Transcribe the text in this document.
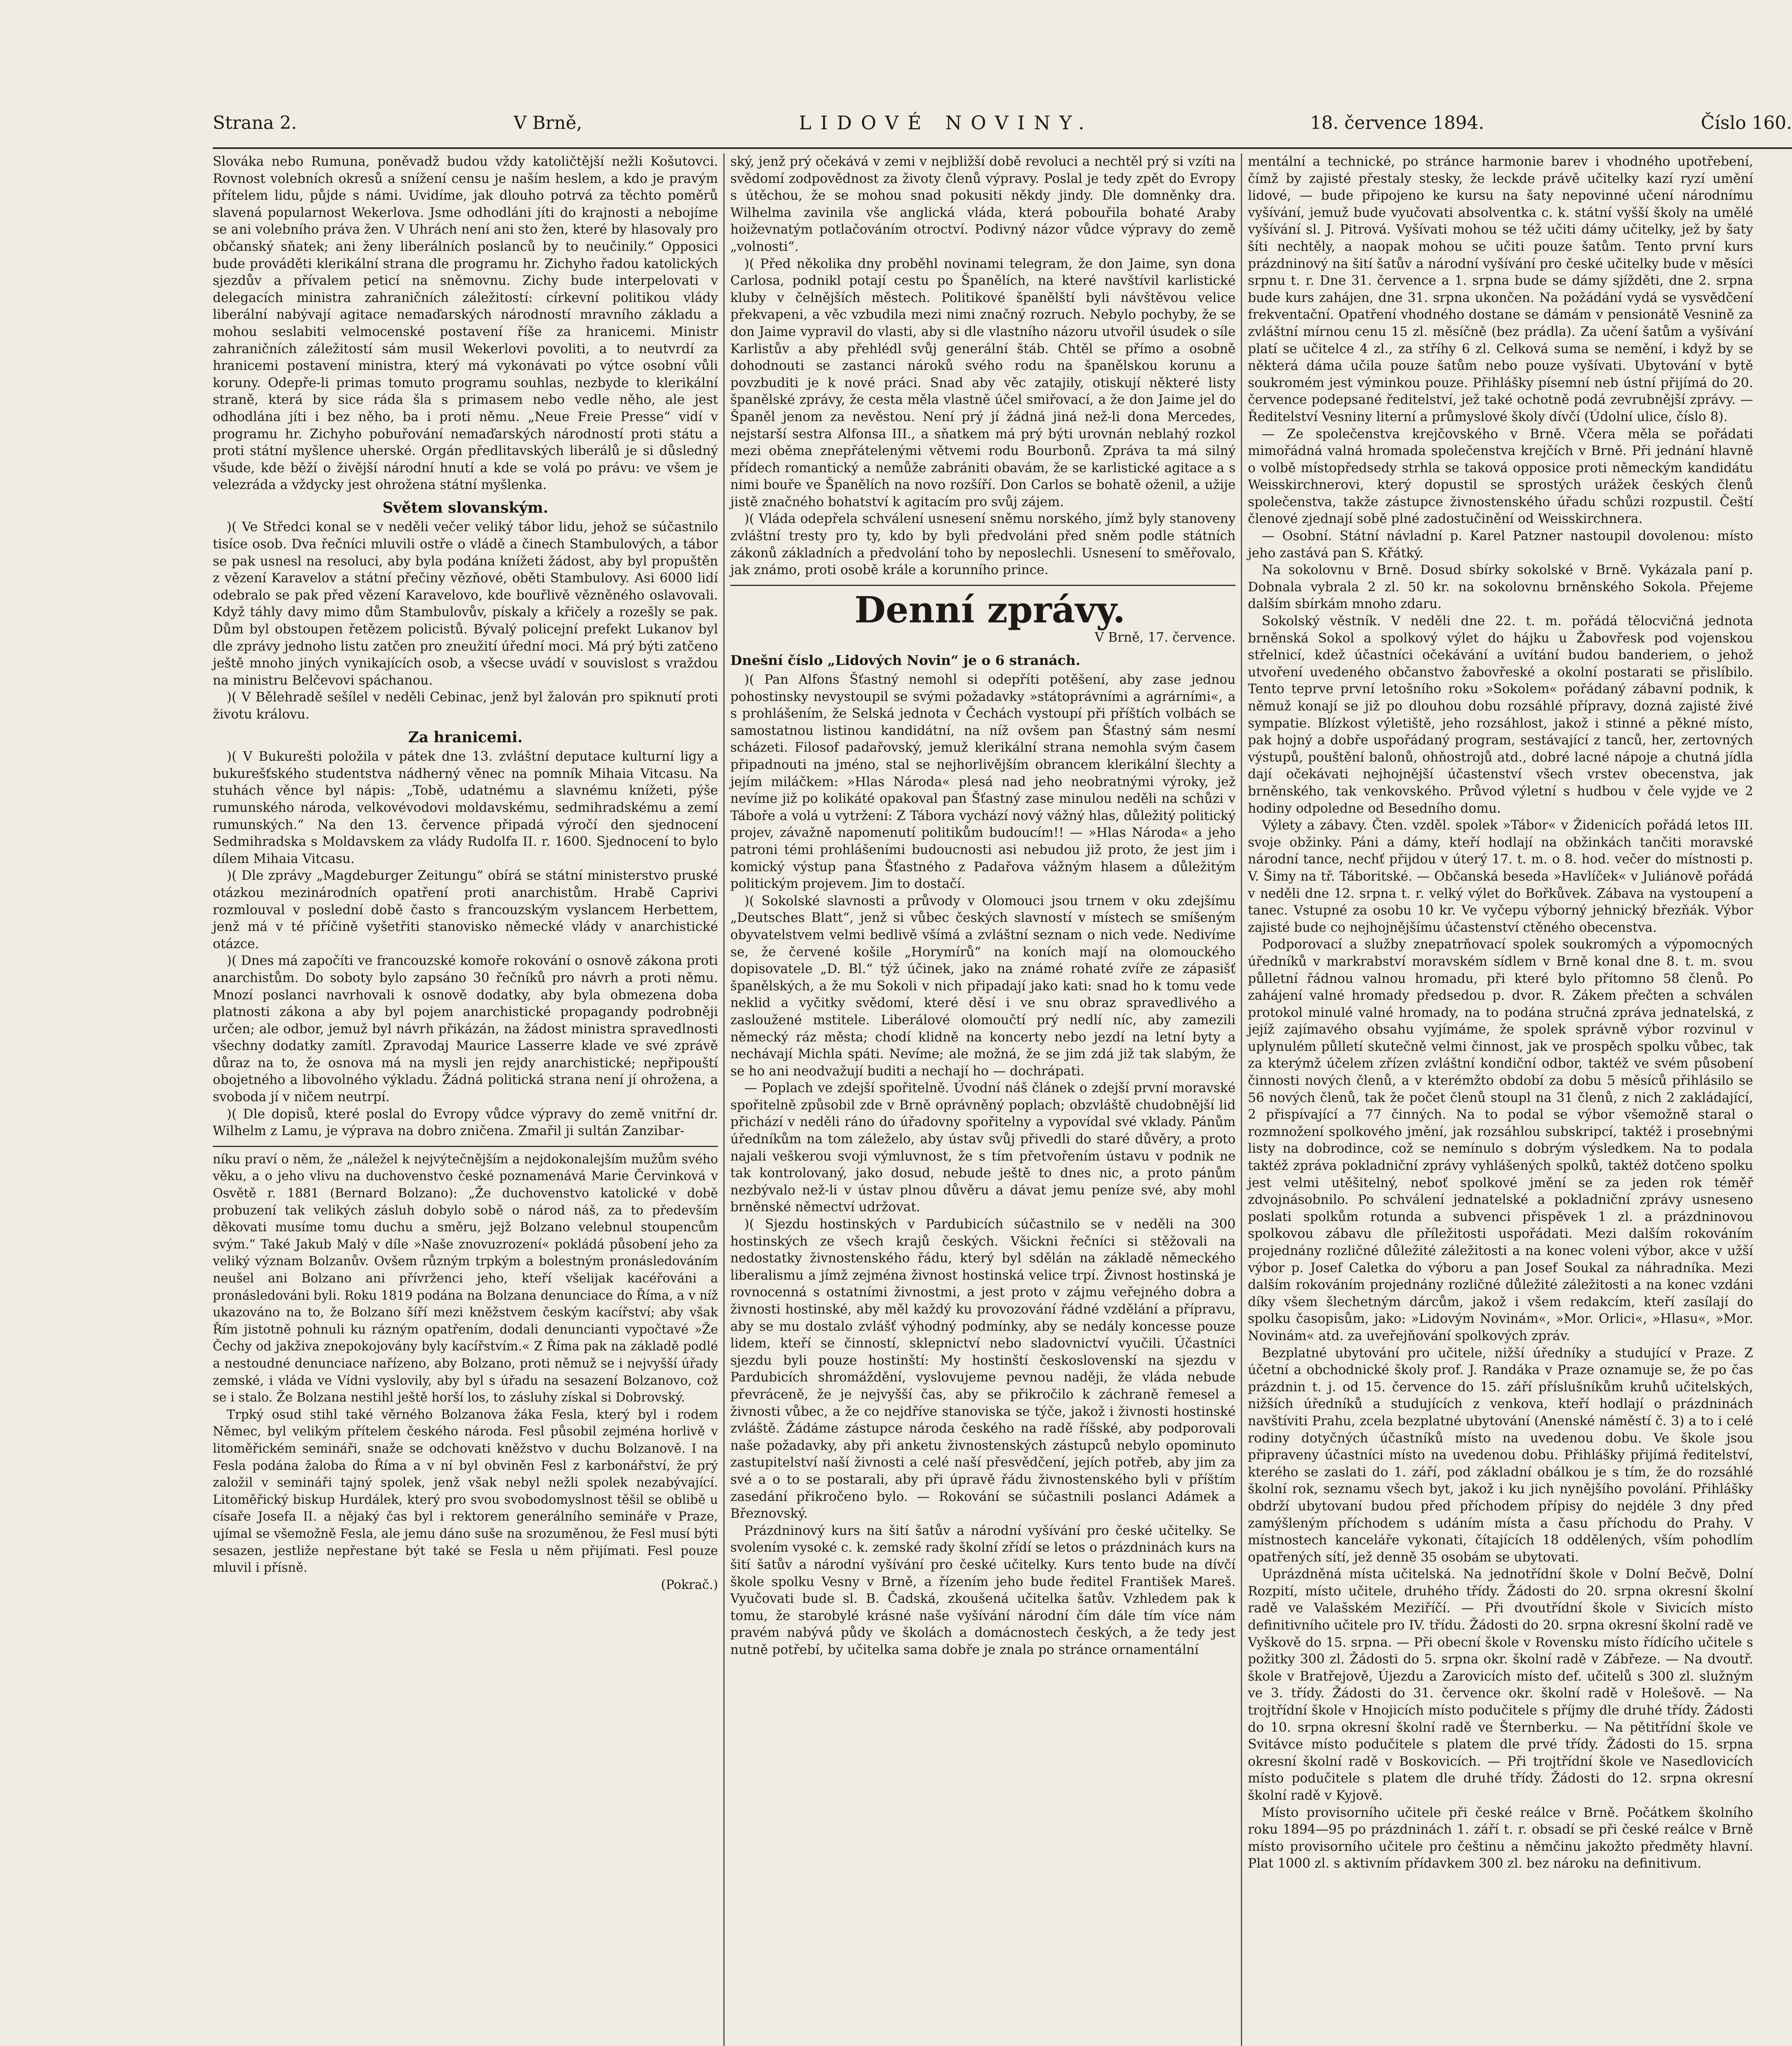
Strana 2.	V Brně,	LIDOVÉ NOVINY.	18. července 1894.	Číslo 160.

Slováka nebo Rumuna, poněvadž budou vždy katoličtější nežli Košutovci. Rovnost volebních okresů a snížení censu je naším heslem, a kdo je pravým přítelem lidu, půjde s námi. Uvidíme, jak dlouho potrvá za těchto poměrů slavená popularnost Wekerlova. Jsme odhodláni jíti do krajnosti a nebojíme se ani volebního práva žen. V Uhrách není ani sto žen, které by hlasovaly pro občanský sňatek; ani ženy liberálních poslanců by to neučinily.“ Opposici bude prováděti klerikální strana dle programu hr. Zichyho řadou katolických sjezdův a přívalem peticí na sněmovnu. Zichy bude interpelovati v delegacích ministra zahraničních záležitostí: církevní politikou vlády liberální nabývají agitace nemaďarských národností mravního základu a mohou seslabiti velmocenské postavení říše za hranicemi. Ministr zahraničních záležitostí sám musil Wekerlovi povoliti, a to neutvrdí za hranicemi postavení ministra, který má vykonávati po výtce osobní vůli koruny. Odepře-li primas tomuto programu souhlas, nezbyde to klerikální straně, která by sice ráda šla s primasem nebo vedle něho, ale jest odhodlána jíti i bez něho, ba i proti němu. „Neue Freie Presse“ vidí v programu hr. Zichyho pobuřování nemaďarských národností proti státu a proti státní myšlence uherské. Orgán předlitavských liberálů je si důsledný všude, kde běží o živější národní hnutí a kde se volá po právu: ve všem je velezráda a vždycky jest ohrožena státní myšlenka.

Světem slovanským.

)( Ve Středci konal se v neděli večer veliký tábor lidu, jehož se súčastnilo tisíce osob. Dva řečníci mluvili ostře o vládě a činech Stambulových, a tábor se pak usnesl na resoluci, aby byla podána knížeti žádost, aby byl propuštěn z vězení Karavelov a státní přečiny vězňové, oběti Stambulovy. Asi 6000 lidí odebralo se pak před vězení Karavelovo, kde bouřlivě vězněného oslavovali. Když táhly davy mimo dům Stambulovův, pískaly a křičely a rozešly se pak. Dům byl obstoupen řetězem policistů. Bývalý policejní prefekt Lukanov byl dle zprávy jednoho listu zatčen pro zneužití úřední moci. Má prý býti zatčeno ještě mnoho jiných vynikajících osob, a všecse uvádí v souvislost s vraždou na ministru Belčevovi spáchanou.

)( V Bělehradě sešílel v neděli Cebinac, jenž byl žalován pro spiknutí proti životu královu.

Za hranicemi.

)( V Bukurešti položila v pátek dne 13. zvláštní deputace kulturní ligy a bukurešťského studentstva nádherný věnec na pomník Mihaia Vitcasu. Na stuhách věnce byl nápis: „Tobě, udatnému a slavnému knížeti, pýše rumunského národa, velkovévodovi moldavskému, sedmihradskému a zemí rumunských.“ Na den 13. července připadá výročí den sjednocení Sedmihradska s Moldavskem za vlády Rudolfa II. r. 1600. Sjednocení to bylo dílem Mihaia Vitcasu.

)( Dle zprávy „Magdeburger Zeitungu“ obírá se státní ministerstvo pruské otázkou mezinárodních opatření proti anarchistům. Hrabě Caprivi rozmlouval v poslední době často s francouzským vyslancem Herbettem, jenž má v té příčině vyšetřiti stanovisko německé vlády v anarchistické otázce.

)( Dnes má započíti ve francouzské komoře rokování o osnově zákona proti anarchistům. Do soboty bylo zapsáno 30 řečníků pro návrh a proti němu. Mnozí poslanci navrhovali k osnově dodatky, aby byla obmezena doba platnosti zákona a aby byl pojem anarchistické propagandy podrobněji určen; ale odbor, jemuž byl návrh přikázán, na žádost ministra spravedlnosti všechny dodatky zamítl. Zpravodaj Maurice Lasserre klade ve své zprávě důraz na to, že osnova má na mysli jen rejdy anarchistické; nepřipouští obojetného a libovolného výkladu. Žádná politická strana není jí ohrožena, a svoboda jí v ničem neutrpí.

)( Dle dopisů, které poslal do Evropy vůdce výpravy do země vnitřní dr. Wilhelm z Lamu, je výprava na dobro zničena. Zmařil ji sultán Zanzibar-

níku praví o něm, že „náležel k nejvýtečnějším a nejdokonalejším mužům svého věku, a o jeho vlivu na duchovenstvo české poznamenává Marie Červinková v Osvětě r. 1881 (Bernard Bolzano): „Že duchovenstvo katolické v době probuzení tak velikých zásluh dobylo sobě o národ náš, za to především děkovati musíme tomu duchu a směru, jejž Bolzano velebnul stoupencům svým.“ Také Jakub Malý v díle »Naše znovuzrození« pokládá působení jeho za veliký význam Bolzanův. Ovšem různým trpkým a bolestným pronásledováním neušel ani Bolzano ani přívrženci jeho, kteří všelijak kacéřováni a pronásledováni byli. Roku 1819 podána na Bolzana denunciace do Říma, a v níž ukazováno na to, že Bolzano šíří mezi kněžstvem českým kacířství; aby však Řím jistotně pohnuli ku rázným opatřením, dodali denuncianti vypočtavé »Že Čechy od jakživa znepokojovány byly kacířstvím.« Z Říma pak na základě podlé a nestoudné denunciace nařízeno, aby Bolzano, proti němuž se i nejvyšší úřady zemské, i vláda ve Vídni vyslovily, aby byl s úřadu na sesazení Bolzanovo, což se i stalo. Že Bolzana nestihl ještě horší los, to zásluhy získal si Dobrovský.

Trpký osud stihl také věrného Bolzanova žáka Fesla, který byl i rodem Němec, byl velikým přítelem českého národa. Fesl působil zejména horlivě v litoměřickém semináři, snaže se odchovati kněžstvo v duchu Bolzanově. I na Fesla podána žaloba do Říma a v ní byl obviněn Fesl z karbonářství, že prý založil v semináři tajný spolek, jenž však nebyl nežli spolek nezabývající. Litoměřický biskup Hurdálek, který pro svou svobodomyslnost těšil se oblibě u císaře Josefa II. a nějaký čas byl i rektorem generálního semináře v Praze, ujímal se všemožně Fesla, ale jemu dáno suše na srozuměnou, že Fesl musí býti sesazen, jestliže nepřestane být také se Fesla u něm přijímati. Fesl pouze mluvil i přísně.

(Pokrač.)

ský, jenž prý očekává v zemi v nejbližší době revoluci a nechtěl prý si vzíti na svědomí zodpovědnost za životy členů výpravy. Poslal je tedy zpět do Evropy s útěchou, že se mohou snad pokusiti někdy jindy. Dle domněnky dra. Wilhelma zavinila vše anglická vláda, která pobouřila bohaté Araby hoiževnatým potlačováním otroctví. Podivný názor vůdce výpravy do země „volnosti“.

)( Před několika dny proběhl novinami telegram, že don Jaime, syn dona Carlosa, podnikl potají cestu po Španělích, na které navštívil karlistické kluby v čelnějších městech. Politikové španělští byli návštěvou velice překvapeni, a věc vzbudila mezi nimi značný rozruch. Nebylo pochyby, že se don Jaime vypravil do vlasti, aby si dle vlastního názoru utvořil úsudek o síle Karlistův a aby přehlédl svůj generální štáb. Chtěl se přímo a osobně dohodnouti se zastanci nároků svého rodu na španělskou korunu a povzbuditi je k nové práci. Snad aby věc zatajily, otiskují některé listy španělské zprávy, že cesta měla vlastně účel smiřovací, a že don Jaime jel do Španěl jenom za nevěstou. Není prý jí žádná jiná než-li dona Mercedes, nejstarší sestra Alfonsa III., a sňatkem má prý býti urovnán neblahý rozkol mezi oběma znepřátelenými větvemi rodu Bourbonů. Zpráva ta má silný přídech romantický a nemůže zabrániti obavám, že se karlistické agitace a s nimi bouře ve Španělích na novo rozšíří. Don Carlos se bohatě oženil, a užije jistě značného bohatství k agitacím pro svůj zájem.

)( Vláda odepřela schválení usnesení sněmu norského, jímž byly stanoveny zvláštní tresty pro ty, kdo by byli předvoláni před sněm podle státních zákonů základních a předvolání toho by neposlechli. Usnesení to směřovalo, jak známo, proti osobě krále a korunního prince.

Denní zprávy.

V Brně, 17. července.

Dnešní číslo „Lidových Novin“ je o 6 stranách.

)( Pan Alfons Šťastný nemohl si odepříti potěšení, aby zase jednou pohostinsky nevystoupil se svými požadavky »státoprávními a agrárními«, a s prohlášením, že Selská jednota v Čechách vystoupí při příštích volbách se samostatnou listinou kandidátní, na níž ovšem pan Šťastný sám nesmí scházeti. Filosof padařovský, jemuž klerikální strana nemohla svým časem připadnouti na jméno, stal se nejhorlivějším obrancem klerikální šlechty a jejím miláčkem: »Hlas Národa« plesá nad jeho neobratnými výroky, jež nevíme již po kolikáté opakoval pan Šťastný zase minulou neděli na schůzi v Táboře a volá u vytržení: Z Tábora vychází nový vážný hlas, důležitý politický projev, závažně napomenutí politikům budoucím!! — »Hlas Národa« a jeho patroni témi prohlášeními budoucnosti asi nebudou již proto, že jest jim i komický výstup pana Šťastného z Padařova vážným hlasem a důležitým politickým projevem. Jim to dostačí.

)( Sokolské slavnosti a průvody v Olomouci jsou trnem v oku zdejšímu „Deutsches Blatt“, jenž si vůbec českých slavností v místech se smíšeným obyvatelstvem velmi bedlivě všímá a zvláštní seznam o nich vede. Nedivíme se, že červené košile „Horymírů“ na koních mají na olomouckého dopisovatele „D. Bl.“ týž účinek, jako na známé rohaté zvíře ze zápasišť španělských, a že mu Sokoli v nich připadají jako kati: snad ho k tomu vede neklid a vyčitky svědomí, které děsí i ve snu obraz spravedlivého a zasloužené mstitele. Liberálové olomoučtí prý nedlí níc, aby zamezili německý ráz města; chodí klidně na koncerty nebo jezdí na letní byty a nechávají Michla spáti. Nevíme; ale možná, že se jim zdá již tak slabým, že se ho ani neodvažují buditi a nechají ho — dochrápati.

— Poplach ve zdejší spořitelně. Úvodní náš článek o zdejší první moravské spořitelně způsobil zde v Brně oprávněný poplach; obzvláště chudobnější lid přichází v neděli ráno do úřadovny spořitelny a vypovídal své vklady. Pánům úředníkům na tom záleželo, aby ústav svůj přivedli do staré důvěry, a proto najali veškerou svoji výmluvnost, že s tím přetvořením ústavu v podnik ne tak kontrolovaný, jako dosud, nebude ještě to dnes nic, a proto pánům nezbývalo než-li v ústav plnou důvěru a dávat jemu peníze své, aby mohl brněnské němectví udržovat.

)( Sjezdu hostinských v Pardubicích súčastnilo se v neděli na 300 hostinských ze všech krajů českých. Všickni řečníci si stěžovali na nedostatky živnostenského řádu, který byl sdělán na základě německého liberalismu a jímž zejména živnost hostinská velice trpí. Živnost hostinská je rovnocenná s ostatními živnostmi, a jest proto v zájmu veřejného dobra a živnosti hostinské, aby měl každý ku provozování řádné vzdělání a přípravu, aby se mu dostalo zvlášť výhodný podmínky, aby se nedály koncesse pouze lidem, kteří se činností, sklepnictví nebo sladovnictví vyučili. Účastníci sjezdu byli pouze hostinští: My hostinští československí na sjezdu v Pardubicích shromáždění, vyslovujeme pevnou naději, že vláda nebude převráceně, že je nejvyšší čas, aby se přikročilo k záchraně řemesel a živnosti vůbec, a že co nejdříve stanoviska se týče, jakož i živnosti hostinské zvláště. Žádáme zástupce národa českého na radě říšské, aby podporovali naše požadavky, aby při anketu živnostenských zástupců nebylo opominuto zastupitelství naší živnosti a celé naší přesvědčení, jejích potřeb, aby jim za své a o to se postarali, aby při úpravě řádu živnostenského byli v příštím zasedání přikročeno bylo. — Rokování se súčastnili poslanci Adámek a Březnovský.

Prázdninový kurs na šití šatův a národní vyšívání pro české učitelky. Se svolením vysoké c. k. zemské rady školní zřídí se letos o prázdninách kurs na šití šatův a národní vyšívání pro české učitelky. Kurs tento bude na dívčí škole spolku Vesny v Brně, a řízením jeho bude ředitel František Mareš. Vyučovati bude sl. B. Čadská, zkoušená učitelka šatův. Vzhledem pak k tomu, že starobylé krásné naše vyšívání národní čím dále tím více nám pravém nabývá půdy ve školách a domácnostech českých, a že tedy jest nutně potřebí, by učitelka sama dobře je znala po stránce ornamentální

mentální a technické, po stránce harmonie barev i vhodného upotřebení, čímž by zajisté přestaly stesky, že leckde právě učitelky kazí ryzí umění lidové, — bude připojeno ke kursu na šaty nepovinné učení národnímu vyšívání, jemuž bude vyučovati absolventka c. k. státní vyšší školy na umělé vyšívání sl. J. Pitrová. Vyšívati mohou se též učiti dámy učitelky, jež by šaty šíti nechtěly, a naopak mohou se učiti pouze šatům. Tento první kurs prázdninový na šití šatův a národní vyšívání pro české učitelky bude v měsíci srpnu t. r. Dne 31. července a 1. srpna bude se dámy sjížděti, dne 2. srpna bude kurs zahájen, dne 31. srpna ukončen. Na požádání vydá se vysvědčení frekventační. Opatření vhodného dostane se dámám v pensionátě Vesnině za zvláštní mírnou cenu 15 zl. měsíčně (bez prádla). Za učení šatům a vyšívání platí se učitelce 4 zl., za stříhy 6 zl. Celková suma se nemění, i když by se některá dáma učila pouze šatům nebo pouze vyšívati. Ubytování v bytě soukromém jest výminkou pouze. Přihlášky písemní neb ústní přijímá do 20. července podepsané ředitelství, jež také ochotně podá zevrubnější zprávy. — Ředitelství Vesniny literní a průmyslové školy dívčí (Údolní ulice, číslo 8).

— Ze společenstva krejčovského v Brně. Včera měla se pořádati mimořádná valná hromada společenstva krejčích v Brně. Při jednání hlavně o volbě místopředsedy strhla se taková opposice proti německým kandidátu Weisskirchnerovi, který dopustil se sprostých urážek českých členů společenstva, takže zástupce živnostenského úřadu schůzi rozpustil. Čeští členové zjednají sobě plné zadostučinění od Weisskirchnera.

— Osobní. Státní návladní p. Karel Patzner nastoupil dovolenou: místo jeho zastává pan S. Křátký.

Na sokolovnu v Brně. Dosud sbírky sokolské v Brně. Vykázala paní p. Dobnala vybrala 2 zl. 50 kr. na sokolovnu brněnského Sokola. Přejeme dalším sbírkám mnoho zdaru.

Sokolský věstník. V neděli dne 22. t. m. pořádá tělocvičná jednota brněnská Sokol a spolkový výlet do hájku u Žabovřesk pod vojenskou střelnicí, kdež účastníci očekávání a uvítání budou banderiem, o jehož utvoření uvedeného občanstvo žabovřeské a okolní postarati se přislíbilo. Tento teprve první letošního roku »Sokolem« pořádaný zábavní podnik, k němuž konají se již po dlouhou dobu rozsáhlé přípravy, dozná zajisté živé sympatie. Blízkost výletiště, jeho rozsáhlost, jakož i stinné a pěkné místo, pak hojný a dobře uspořádaný program, sestávající z tanců, her, zertovných výstupů, pouštění balonů, ohňostrojů atd., dobré lacné nápoje a chutná jídla dají očekávati nejhojnější účastenství všech vrstev obecenstva, jak brněnského, tak venkovského. Průvod výletní s hudbou v čele vyjde ve 2 hodiny odpoledne od Besedního domu.

Výlety a zábavy. Čten. vzděl. spolek »Tábor« v Židenicích pořádá letos III. svoje obžinky. Páni a dámy, kteří hodlají na obžinkách tančiti moravské národní tance, nechť přijdou v úterý 17. t. m. o 8. hod. večer do místnosti p. V. Šimy na tř. Táboritské. — Občanská beseda »Havlíček« v Juliánově pořádá v neděli dne 12. srpna t. r. velký výlet do Bořkůvek. Zábava na vystoupení a tanec. Vstupné za osobu 10 kr. Ve vyčepu výborný jehnický březňák. Výbor zajisté bude co nejhojnějšímu účastenství ctěného obecenstva.

Podporovací a služby znepatrňovací spolek soukromých a výpomocných úředníků v markrabství moravském sídlem v Brně konal dne 8. t. m. svou půlletní řádnou valnou hromadu, při které bylo přítomno 58 členů. Po zahájení valné hromady předsedou p. dvor. R. Zákem přečten a schválen protokol minulé valné hromady, na to podána stručná zpráva jednatelská, z jejíž zajímavého obsahu vyjímáme, že spolek správně výbor rozvinul v uplynulém půlletí skutečně velmi činnost, jak ve prospěch spolku vůbec, tak za kterýmž účelem zřízen zvláštní kondiční odbor, taktéž ve svém působení činnosti nových členů, a v kterémžto období za dobu 5 měsíců přihlásilo se 56 nových členů, tak že počet členů stoupl na 31 členů, z nich 2 zakládající, 2 přispívající a 77 činných. Na to podal se výbor všemožně staral o rozmnožení spolkového jmění, jak rozsáhlou subskripcí, taktéž i prosebnými listy na dobrodince, což se nemínulo s dobrým výsledkem. Na to podala taktéž zpráva pokladniční zprávy vyhlášených spolků, taktéž dotčeno spolku jest velmi utěšitelný, neboť spolkové jmění se za jeden rok téměř zdvojnásobnilo. Po schválení jednatelské a pokladniční zprávy usneseno poslati spolkům rotunda a subvenci přispěvek 1 zl. a prázdninovou spolkovou zábavu dle příležitosti uspořádati. Mezi dalším rokováním projednány rozličné důležité záležitosti a na konec voleni výbor, akce v užší výbor p. Josef Caletka do výboru a pan Josef Soukal za náhradníka. Mezi dalším rokováním projednány rozličné důležité záležitosti a na konec vzdáni díky všem šlechetným dárcům, jakož i všem redakcím, kteří zasílají do spolku časopisům, jako: »Lidovým Novinám«, »Mor. Orlici«, »Hlasu«, »Mor. Novinám« atd. za uveřejňování spolkových zpráv.

Bezplatné ubytování pro učitele, nižší úředníky a studující v Praze. Z účetní a obchodnické školy prof. J. Randáka v Praze oznamuje se, že po čas prázdnin t. j. od 15. července do 15. září příslušníkům kruhů učitelských, nižších úředníků a studujících z venkova, kteří hodlají o prázdninách navštíviti Prahu, zcela bezplatné ubytování (Anenské náměstí č. 3) a to i celé rodiny dotyčných účastníků místo na uvedenou dobu. Ve škole jsou připraveny účastníci místo na uvedenou dobu. Přihlášky přijímá ředitelství, kterého se zaslati do 1. září, pod základní obálkou je s tím, že do rozsáhlé školní rok, seznamu všech byt, jakož i ku jich nynějšího povolání. Přihlášky obdrží ubytovaní budou před příchodem přípisy do nejdéle 3 dny před zamýšleným příchodem s udáním místa a času příchodu do Prahy. V místnostech kanceláře vykonati, čítajících 18 oddělených, vším pohodlím opatřených sítí, jež denně 35 osobám se ubytovati.

Uprázdněná místa učitelská. Na jednotřídní škole v Dolní Bečvě, Dolní Rozpití, místo učitele, druhého třídy. Žádosti do 20. srpna okresní školní radě ve Valašském Meziříčí. — Při dvoutřídní škole v Sivicích místo definitivního učitele pro IV. třídu. Žádosti do 20. srpna okresní školní radě ve Vyškově do 15. srpna. — Při obecní škole v Rovensku místo řídícího učitele s požitky 300 zl. Žádosti do 5. srpna okr. školní radě v Zábřeze. — Na dvoutř. škole v Bratřejově, Újezdu a Zarovicích místo def. učitelů s 300 zl. služným ve 3. třídy. Žádosti do 31. července okr. školní radě v Holešově. — Na trojtřídní škole v Hnojicích místo podučitele s příjmy dle druhé třídy. Žádosti do 10. srpna okresní školní radě ve Šternberku. — Na pětitřídní škole ve Svitávce místo podučitele s platem dle prvé třídy. Žádosti do 15. srpna okresní školní radě v Boskovicích. — Při trojtřídní škole ve Nasedlovicích místo podučitele s platem dle druhé třídy. Žádosti do 12. srpna okresní školní radě v Kyjově.

Místo provisorního učitele při české reálce v Brně. Počátkem školního roku 1894—95 po prázdninách 1. září t. r. obsadí se při české reálce v Brně místo provisorního učitele pro češtinu a němčinu jakožto předměty hlavní. Plat 1000 zl. s aktivním přídavkem 300 zl. bez nároku na definitivum.
